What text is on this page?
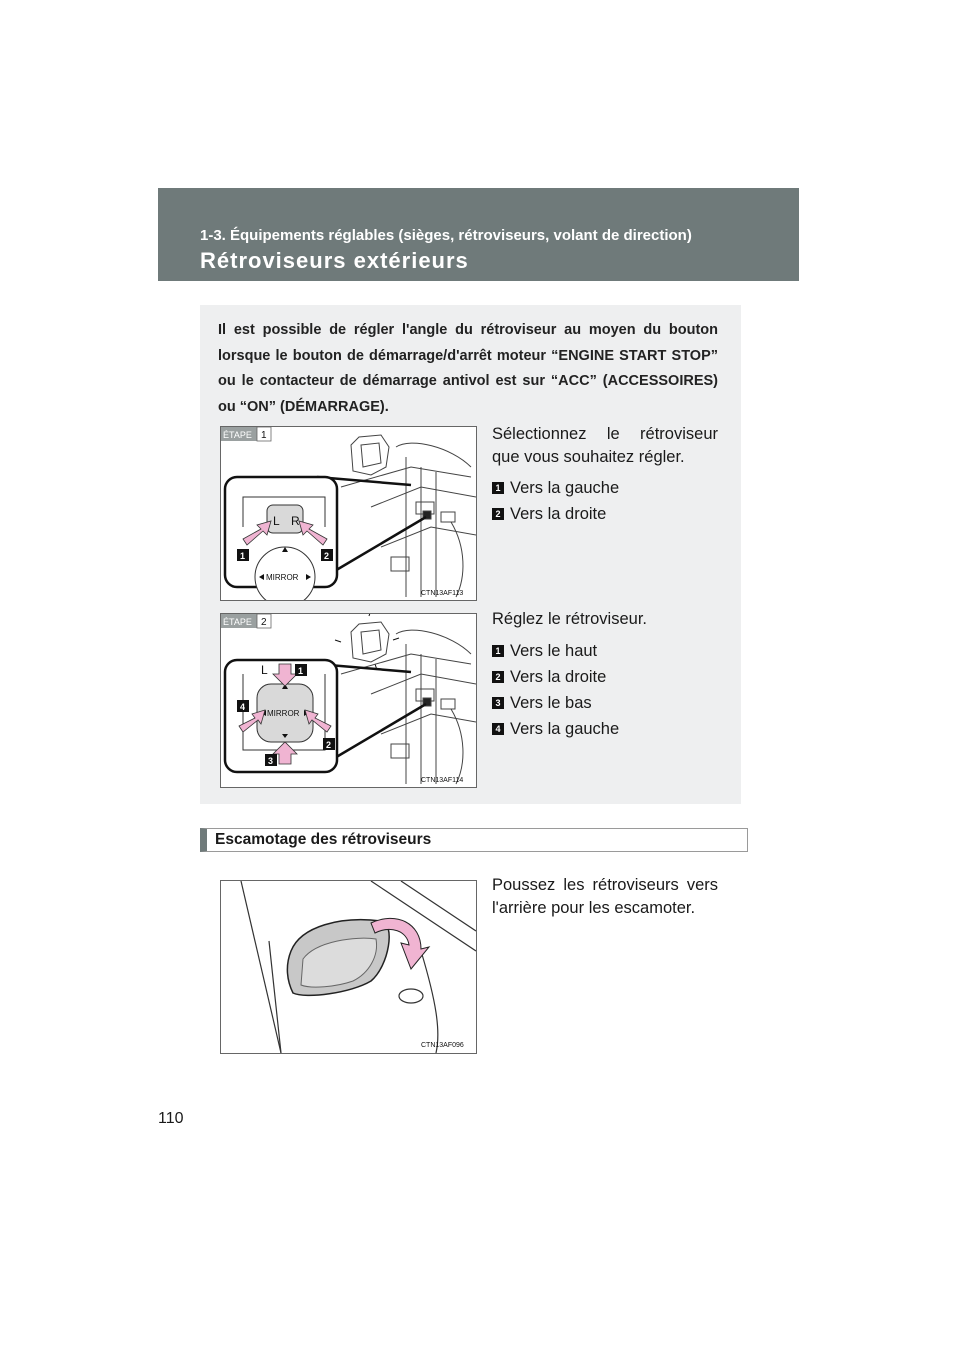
1-3. Équipements réglables (sièges, rétroviseurs, volant de direction)
Rétroviseurs extérieurs
Il est possible de régler l'angle du rétroviseur au moyen du bouton lorsque le bouton de démarrage/d'arrêt moteur “ENGINE START STOP” ou le contacteur de démarrage antivol est sur “ACC” (ACCESSOIRES) ou “ON” (DÉMARRAGE).
ÉTAPE 1
L R
MIRROR
1	2
CTN13AF113
Sélectionnez le rétroviseur que vous souhaitez régler.
1 Vers la gauche
2 Vers la droite
ÉTAPE 2
L
MIRROR
1
2
3
4
CTN13AF114
Réglez le rétroviseur.
1 Vers le haut
2 Vers la droite
3 Vers le bas
4 Vers la gauche
Escamotage des rétroviseurs
CTN13AF096
Poussez les rétroviseurs vers l'arrière pour les escamoter.
110
